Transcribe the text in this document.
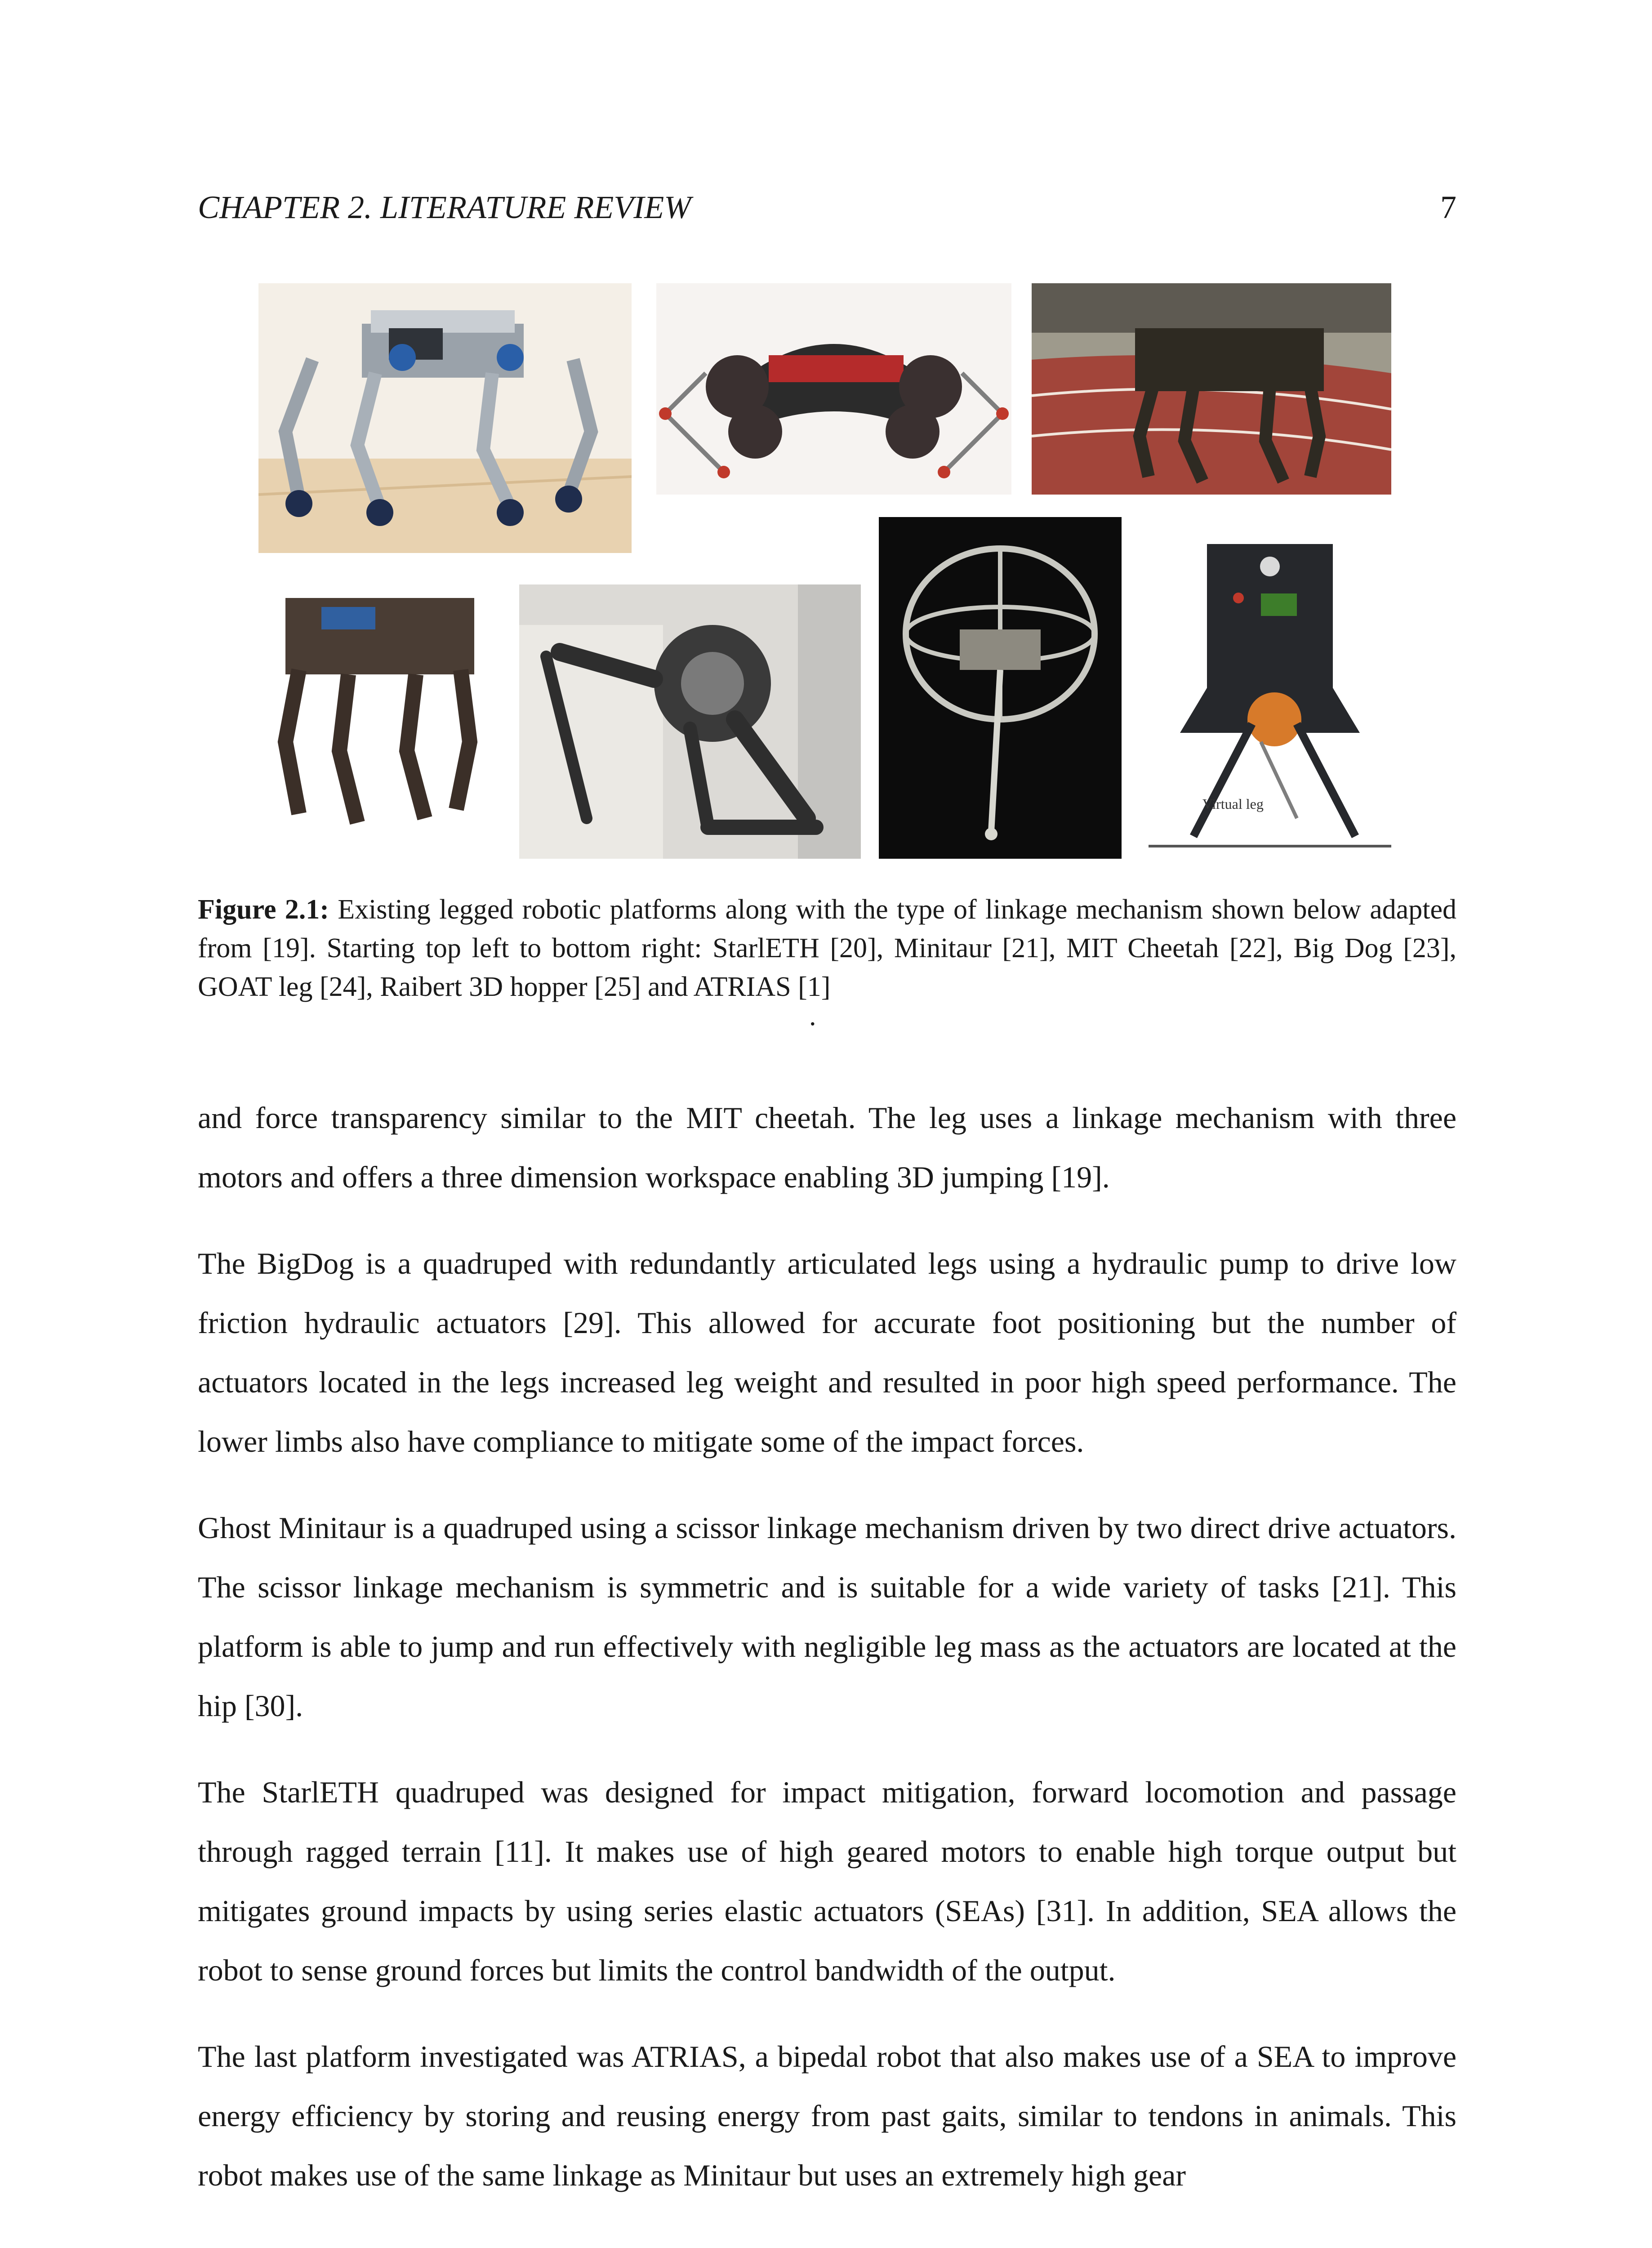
CHAPTER 2. LITERATURE REVIEW	7
Virtual leg
Figure 2.1: Existing legged robotic platforms along with the type of linkage mechanism shown below adapted from [19]. Starting top left to bottom right: StarlETH [20], Minitaur [21], MIT Cheetah [22], Big Dog [23], GOAT leg [24], Raibert 3D hopper [25] and ATRIAS [1]
.

and force transparency similar to the MIT cheetah. The leg uses a linkage mechanism with three motors and offers a three dimension workspace enabling 3D jumping [19].

The BigDog is a quadruped with redundantly articulated legs using a hydraulic pump to drive low friction hydraulic actuators [29]. This allowed for accurate foot positioning but the number of actuators located in the legs increased leg weight and resulted in poor high speed performance. The lower limbs also have compliance to mitigate some of the impact forces.

Ghost Minitaur is a quadruped using a scissor linkage mechanism driven by two direct drive actuators. The scissor linkage mechanism is symmetric and is suitable for a wide variety of tasks [21]. This platform is able to jump and run effectively with negligible leg mass as the actuators are located at the hip [30].

The StarlETH quadruped was designed for impact mitigation, forward locomotion and passage through ragged terrain [11]. It makes use of high geared motors to enable high torque output but mitigates ground impacts by using series elastic actuators (SEAs) [31]. In addition, SEA allows the robot to sense ground forces but limits the control bandwidth of the output.

The last platform investigated was ATRIAS, a bipedal robot that also makes use of a SEA to improve energy efficiency by storing and reusing energy from past gaits, similar to tendons in animals. This robot makes use of the same linkage as Minitaur but uses an extremely high gear
